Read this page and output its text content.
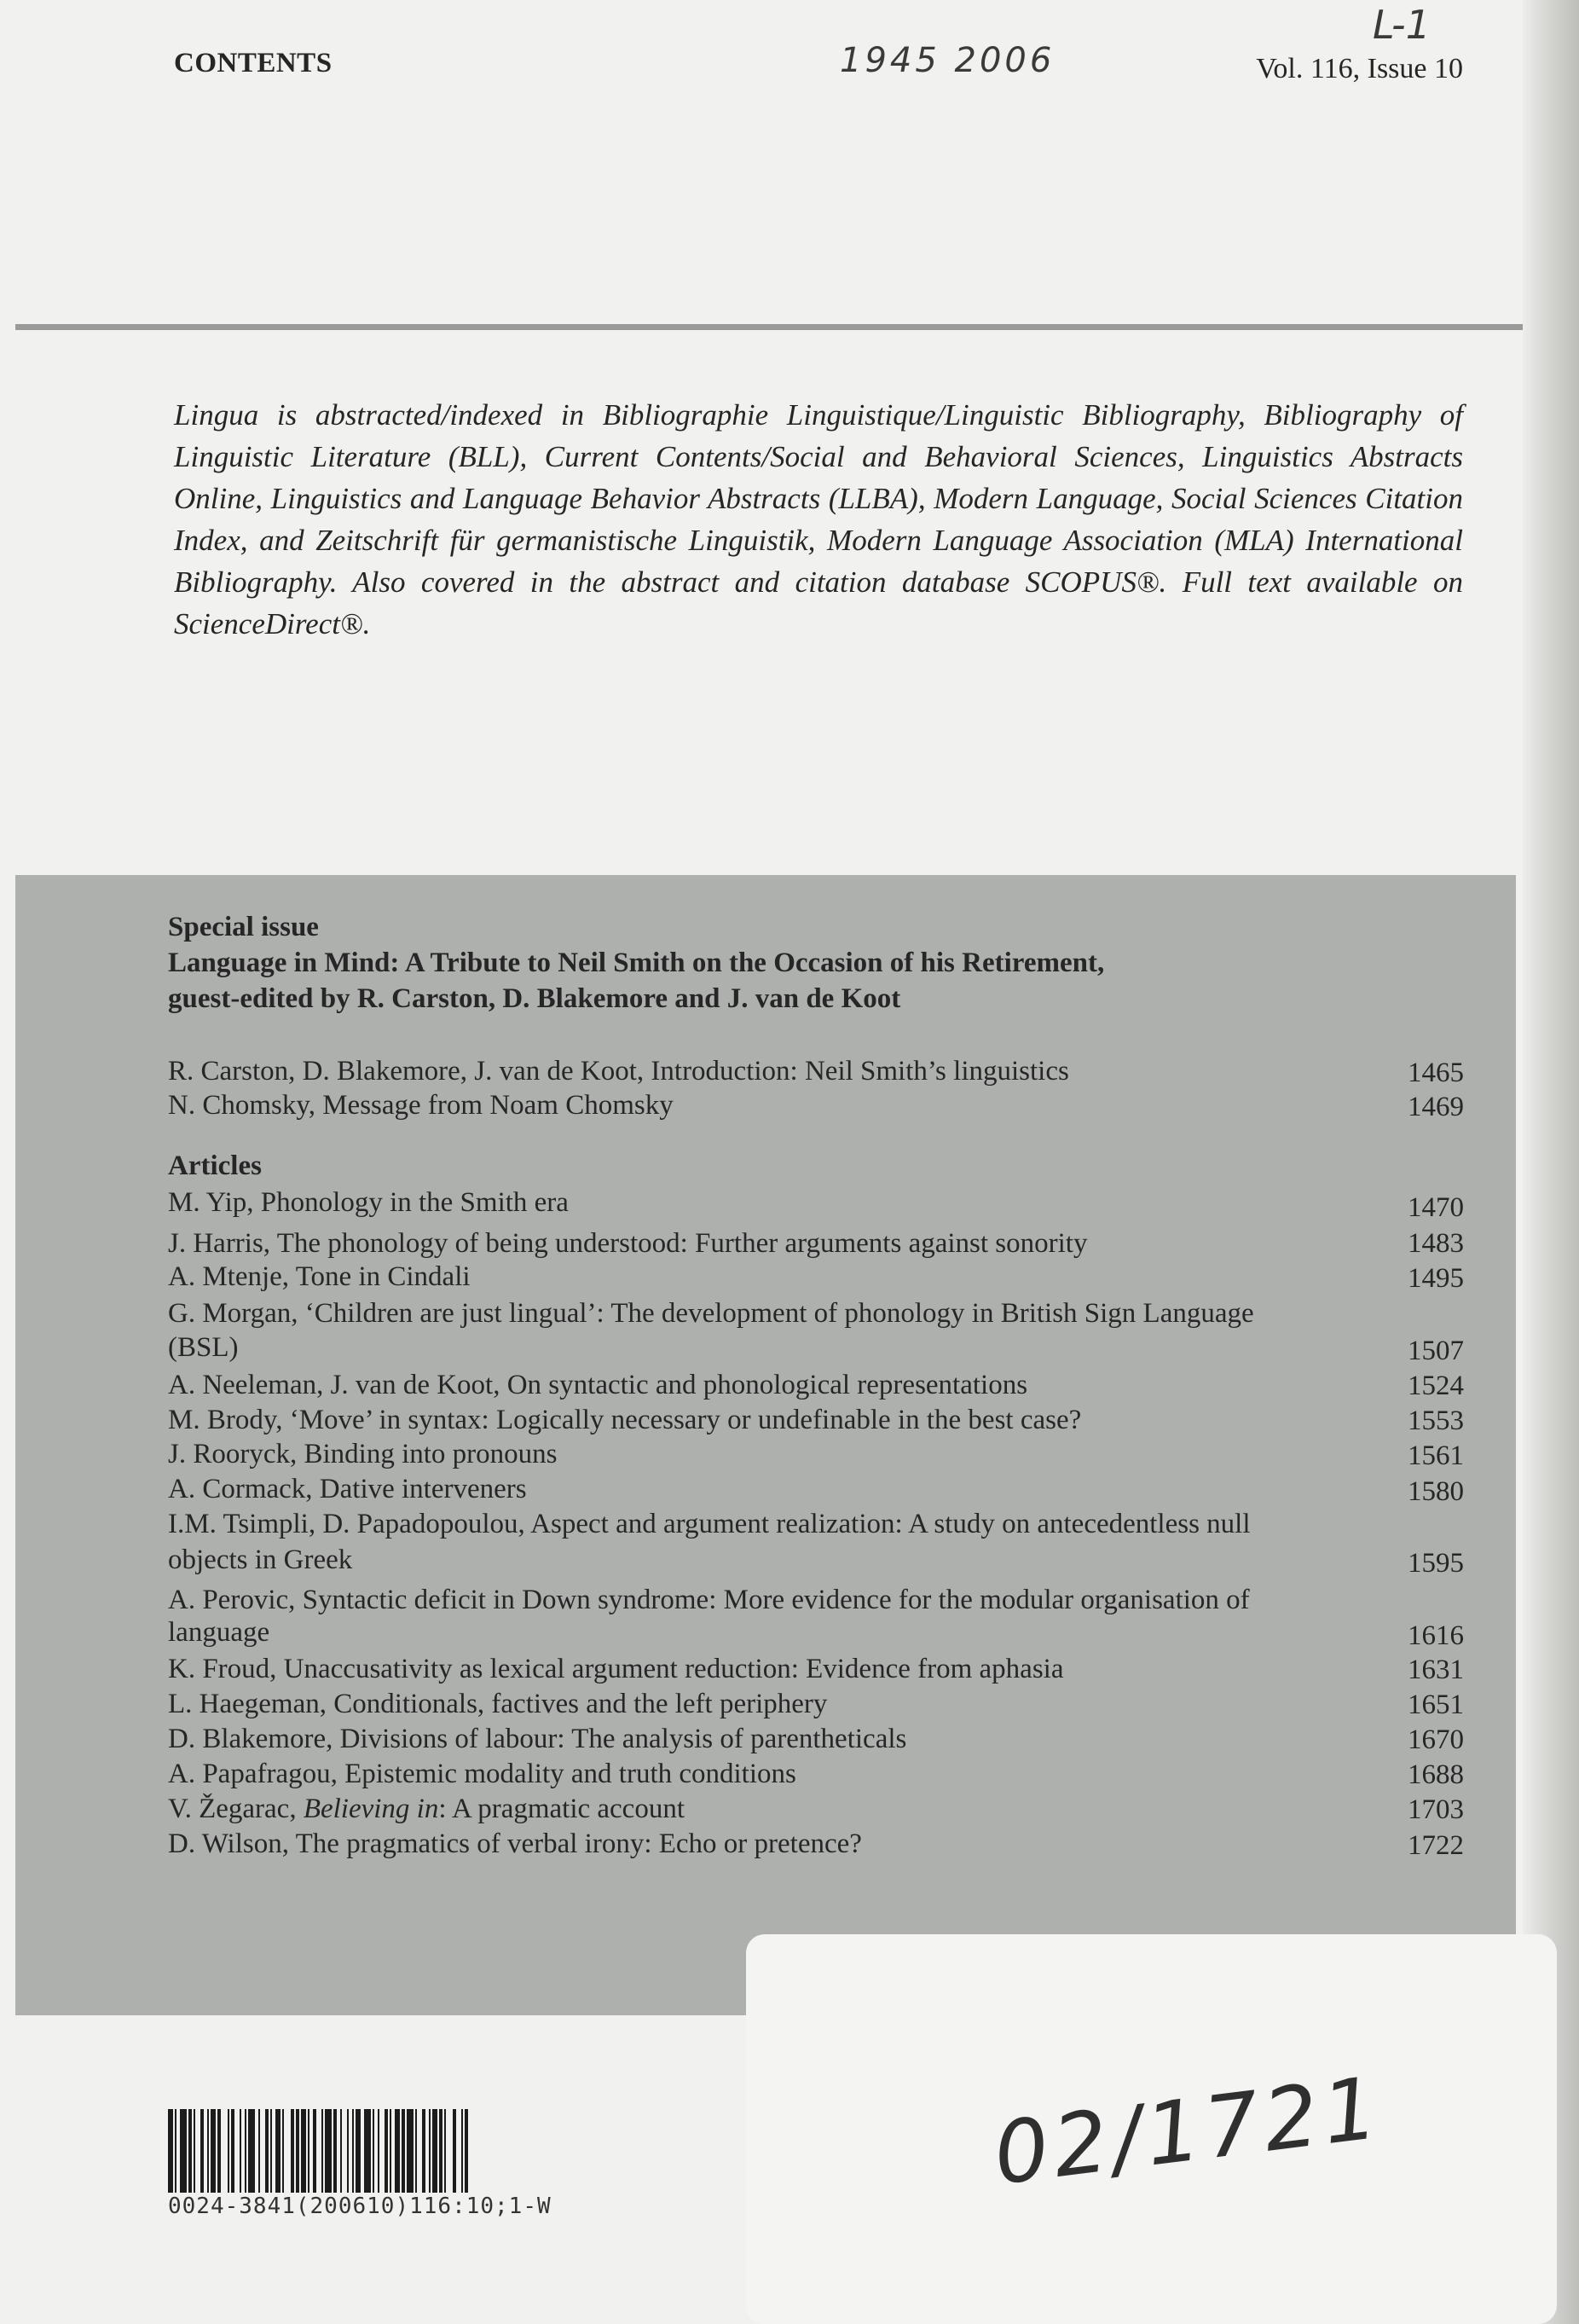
CONTENTS	1945 2006
L-1
Vol. 116, Issue 10
Lingua is abstracted/indexed in Bibliographie Linguistique/Linguistic Bibliography, Bibliography of Linguistic Literature (BLL), Current Contents/Social and Behavioral Sciences, Linguistics Abstracts Online, Linguistics and Language Behavior Abstracts (LLBA), Modern Language, Social Sciences Citation Index, and Zeitschrift für germanistische Linguistik, Modern Language Association (MLA) International Bibliography. Also covered in the abstract and citation database SCOPUS®. Full text available on ScienceDirect®.
Special issue
Language in Mind: A Tribute to Neil Smith on the Occasion of his Retirement,
guest-edited by R. Carston, D. Blakemore and J. van de Koot
R. Carston, D. Blakemore, J. van de Koot, Introduction: Neil Smith’s linguistics	1465
N. Chomsky, Message from Noam Chomsky	1469
Articles
M. Yip, Phonology in the Smith era	1470
J. Harris, The phonology of being understood: Further arguments against sonority	1483
A. Mtenje, Tone in Cindali	1495
G. Morgan, ‘Children are just lingual’: The development of phonology in British Sign Language
(BSL)	1507
A. Neeleman, J. van de Koot, On syntactic and phonological representations	1524
M. Brody, ‘Move’ in syntax: Logically necessary or undefinable in the best case?	1553
J. Rooryck, Binding into pronouns	1561
A. Cormack, Dative interveners	1580
I.M. Tsimpli, D. Papadopoulou, Aspect and argument realization: A study on antecedentless null
objects in Greek	1595
A. Perovic, Syntactic deficit in Down syndrome: More evidence for the modular organisation of
language	1616
K. Froud, Unaccusativity as lexical argument reduction: Evidence from aphasia	1631
L. Haegeman, Conditionals, factives and the left periphery	1651
D. Blakemore, Divisions of labour: The analysis of parentheticals	1670
A. Papafragou, Epistemic modality and truth conditions	1688
V. Žegarac, Believing in: A pragmatic account	1703
D. Wilson, The pragmatics of verbal irony: Echo or pretence?	1722
02/1721
0024-3841(200610)116:10;1-W
